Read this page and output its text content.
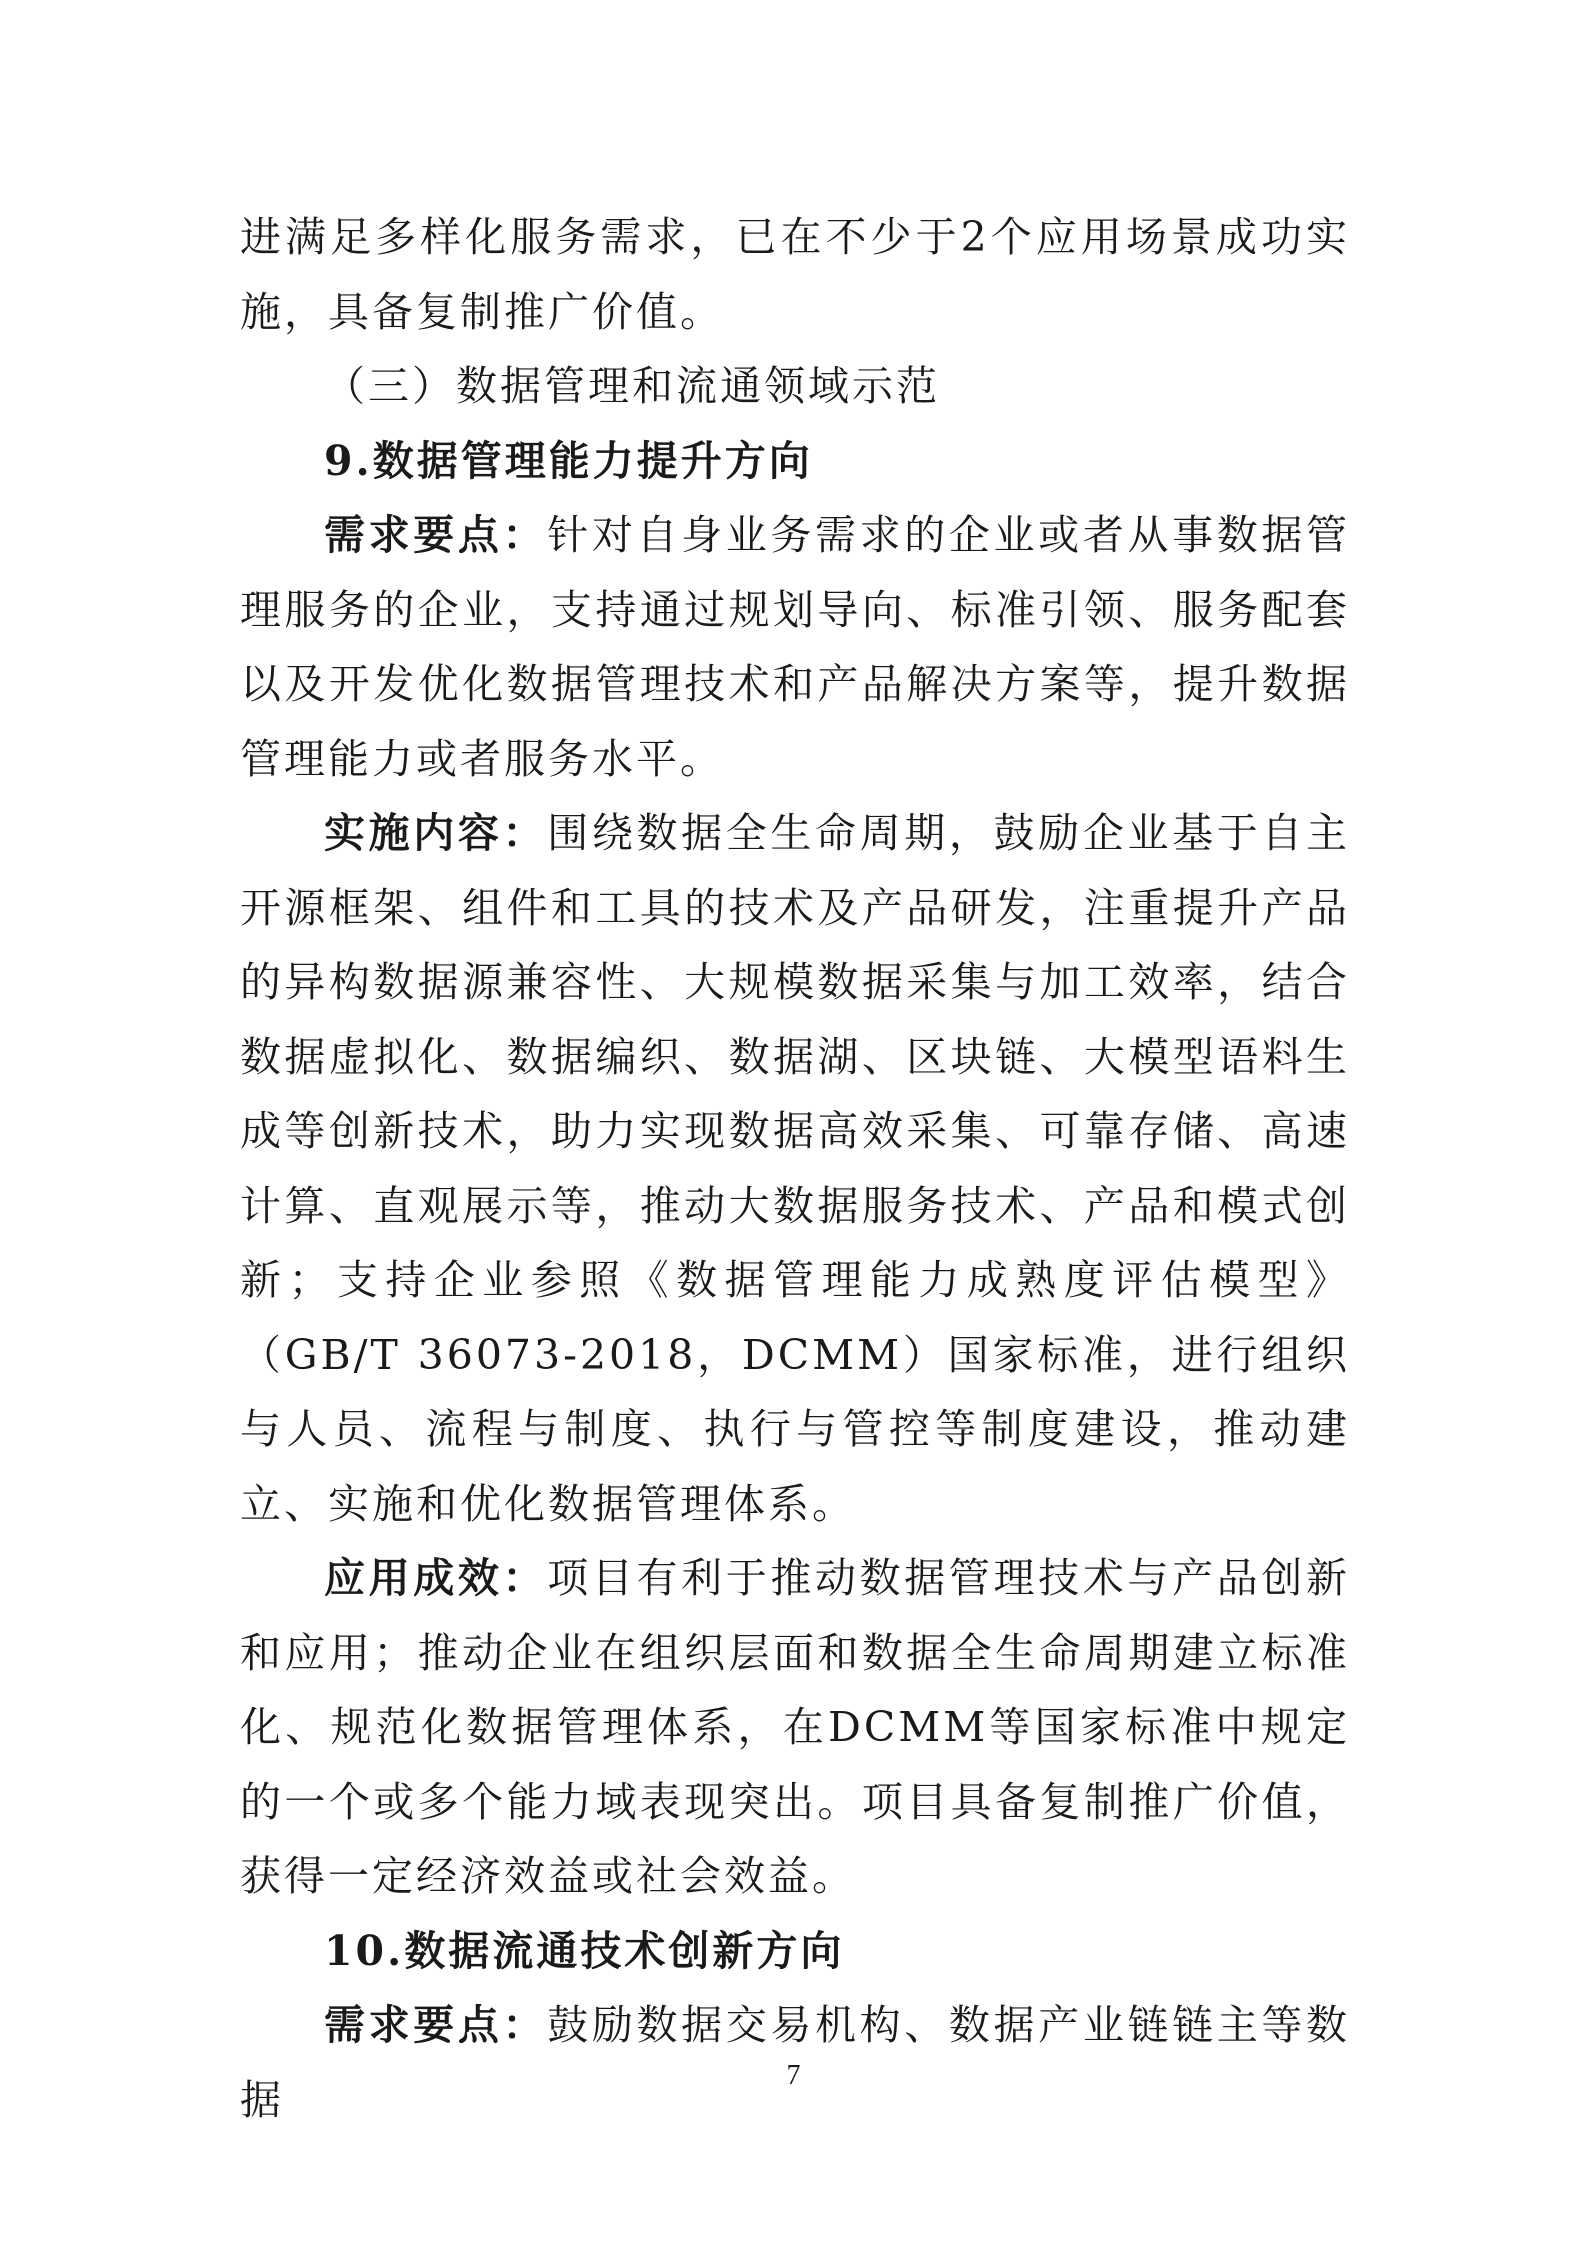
进满足多样化服务需求，已在不少于2个应用场景成功实施，具备复制推广价值。

（三）数据管理和流通领域示范

9.数据管理能力提升方向

需求要点：针对自身业务需求的企业或者从事数据管理服务的企业，支持通过规划导向、标准引领、服务配套以及开发优化数据管理技术和产品解决方案等，提升数据管理能力或者服务水平。

实施内容：围绕数据全生命周期，鼓励企业基于自主开源框架、组件和工具的技术及产品研发，注重提升产品的异构数据源兼容性、大规模数据采集与加工效率，结合数据虚拟化、数据编织、数据湖、区块链、大模型语料生成等创新技术，助力实现数据高效采集、可靠存储、高速计算、直观展示等，推动大数据服务技术、产品和模式创新；支持企业参照《数据管理能力成熟度评估模型》（GB/T 36073-2018，DCMM）国家标准，进行组织与人员、流程与制度、执行与管控等制度建设，推动建立、实施和优化数据管理体系。

应用成效：项目有利于推动数据管理技术与产品创新和应用；推动企业在组织层面和数据全生命周期建立标准化、规范化数据管理体系，在DCMM等国家标准中规定的一个或多个能力域表现突出。项目具备复制推广价值，获得一定经济效益或社会效益。

10.数据流通技术创新方向

需求要点：鼓励数据交易机构、数据产业链链主等数据	7
